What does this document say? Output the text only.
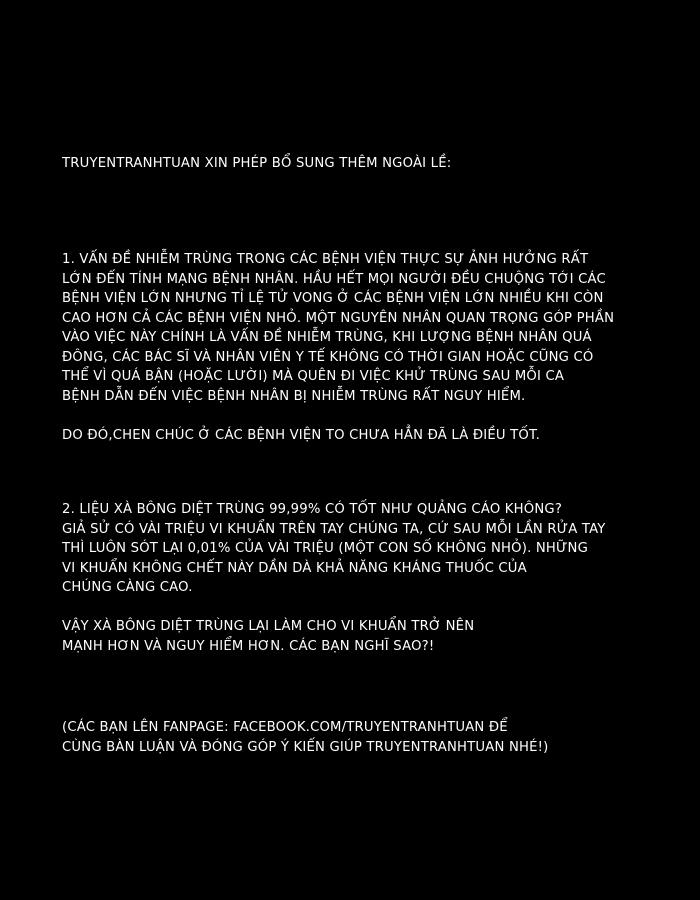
TRUYENTRANHTUAN XIN PHÉP BỔ SUNG THÊM NGOÀI LỀ:
1. VẤN ĐỀ NHIỄM TRÙNG TRONG CÁC BỆNH VIỆN THỰC SỰ ẢNH HƯỞNG RẤT
LỚN ĐẾN TÍNH MẠNG BỆNH NHÂN. HẦU HẾT MỌI NGƯỜI ĐỀU CHUỘNG TỚI CÁC
BỆNH VIỆN LỚN NHƯNG TỈ LỆ TỬ VONG Ở CÁC BỆNH VIỆN LỚN NHIỀU KHI CÒN
CAO HƠN CẢ CÁC BỆNH VIỆN NHỎ. MỘT NGUYÊN NHÂN QUAN TRỌNG GÓP PHẦN
VÀO VIỆC NÀY CHÍNH LÀ VẤN ĐỀ NHIỄM TRÙNG, KHI LƯỢNG BỆNH NHÂN QUÁ
ĐÔNG, CÁC BÁC SĨ VÀ NHÂN VIÊN Y TẾ KHÔNG CÓ THỜI GIAN HOẶC CŨNG CÓ
THỂ VÌ QUÁ BẬN (HOẶC LƯỜI) MÀ QUÊN ĐI VIỆC KHỬ TRÙNG SAU MỖI CA
BỆNH DẪN ĐẾN VIỆC BỆNH NHÂN BỊ NHIỄM TRÙNG RẤT NGUY HIỂM.
DO ĐÓ,CHEN CHÚC Ở CÁC BỆNH VIỆN TO CHƯA HẲN ĐÃ LÀ ĐIỀU TỐT.
2. LIỆU XÀ BÔNG DIỆT TRÙNG 99,99% CÓ TỐT NHƯ QUẢNG CÁO KHÔNG?
GIẢ SỬ CÓ VÀI TRIỆU VI KHUẨN TRÊN TAY CHÚNG TA, CỨ SAU MỖI LẦN RỬA TAY
THÌ LUÔN SÓT LẠI 0,01% CỦA VÀI TRIỆU (MỘT CON SỐ KHÔNG NHỎ). NHỮNG
VI KHUẨN KHÔNG CHẾT NÀY DẦN DÀ KHẢ NĂNG KHÁNG THUỐC CỦA
CHÚNG CÀNG CAO.
VẬY XÀ BÔNG DIỆT TRÙNG LẠI LÀM CHO VI KHUẨN TRỞ NÊN
MẠNH HƠN VÀ NGUY HIỂM HƠN. CÁC BẠN NGHĨ SAO?!
(CÁC BẠN LÊN FANPAGE: FACEBOOK.COM/TRUYENTRANHTUAN ĐỂ
CÙNG BÀN LUẬN VÀ ĐÓNG GÓP Ý KIẾN GIÚP TRUYENTRANHTUAN NHÉ!)
